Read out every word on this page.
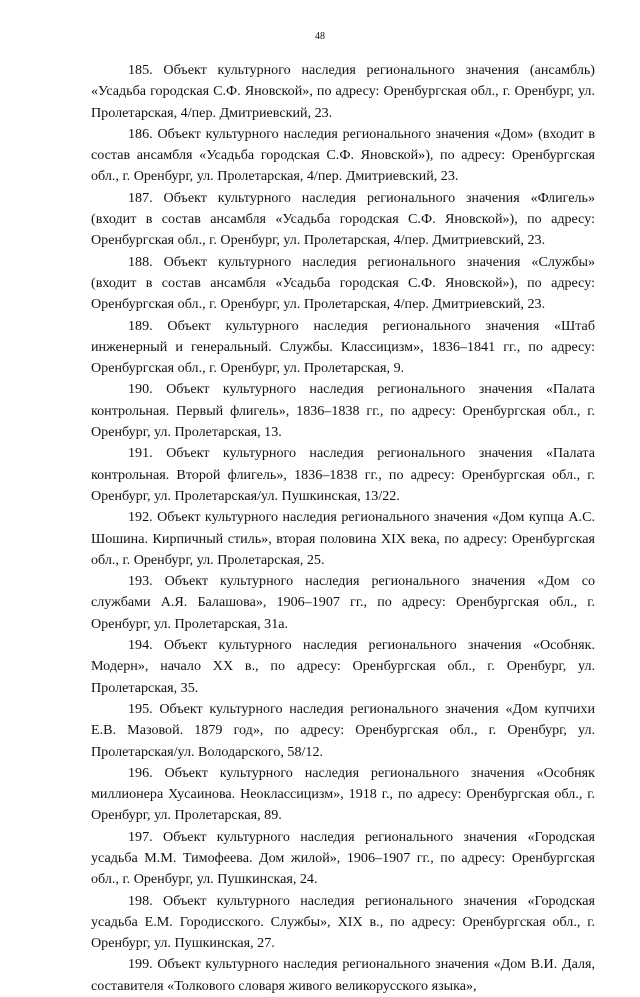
48

185. Объект культурного наследия регионального значения (ансамбль) «Усадьба городская С.Ф. Яновской», по адресу: Оренбургская обл., г. Оренбург, ул. Пролетарская, 4/пер. Дмитриевский, 23.

186. Объект культурного наследия регионального значения «Дом» (входит в состав ансамбля «Усадьба городская С.Ф. Яновской»), по адресу: Оренбургская обл., г. Оренбург, ул. Пролетарская, 4/пер. Дмитриевский, 23.

187. Объект культурного наследия регионального значения «Флигель» (входит в состав ансамбля «Усадьба городская С.Ф. Яновской»), по адресу: Оренбургская обл., г. Оренбург, ул. Пролетарская, 4/пер. Дмитриевский, 23.

188. Объект культурного наследия регионального значения «Службы» (входит в состав ансамбля «Усадьба городская С.Ф. Яновской»), по адресу: Оренбургская обл., г. Оренбург, ул. Пролетарская, 4/пер. Дмитриевский, 23.

189. Объект культурного наследия регионального значения «Штаб инженерный и генеральный. Службы. Классицизм», 1836–1841 гг., по адресу: Оренбургская обл., г. Оренбург, ул. Пролетарская, 9.

190. Объект культурного наследия регионального значения «Палата контрольная. Первый флигель», 1836–1838 гг., по адресу: Оренбургская обл., г. Оренбург, ул. Пролетарская, 13.

191. Объект культурного наследия регионального значения «Палата контрольная. Второй флигель», 1836–1838 гг., по адресу: Оренбургская обл., г. Оренбург, ул. Пролетарская/ул. Пушкинская, 13/22.

192. Объект культурного наследия регионального значения «Дом купца А.С. Шошина. Кирпичный стиль», вторая половина XIX века, по адресу: Оренбургская обл., г. Оренбург, ул. Пролетарская, 25.

193. Объект культурного наследия регионального значения «Дом со службами А.Я. Балашова», 1906–1907 гг., по адресу: Оренбургская обл., г. Оренбург, ул. Пролетарская, 31а.

194. Объект культурного наследия регионального значения «Особняк. Модерн», начало XX в., по адресу: Оренбургская обл., г. Оренбург, ул. Пролетарская, 35.

195. Объект культурного наследия регионального значения «Дом купчихи Е.В. Мазовой. 1879 год», по адресу: Оренбургская обл., г. Оренбург, ул. Пролетарская/ул. Володарского, 58/12.

196. Объект культурного наследия регионального значения «Особняк миллионера Хусаинова. Неоклассицизм», 1918 г., по адресу: Оренбургская обл., г. Оренбург, ул. Пролетарская, 89.

197. Объект культурного наследия регионального значения «Городская усадьба М.М. Тимофеева. Дом жилой», 1906–1907 гг., по адресу: Оренбургская обл., г. Оренбург, ул. Пушкинская, 24.

198. Объект культурного наследия регионального значения «Городская усадьба Е.М. Городисского. Службы», XIX в., по адресу: Оренбургская обл., г. Оренбург, ул. Пушкинская, 27.

199. Объект культурного наследия регионального значения «Дом В.И. Даля, составителя «Толкового словаря живого великорусского языка»,
